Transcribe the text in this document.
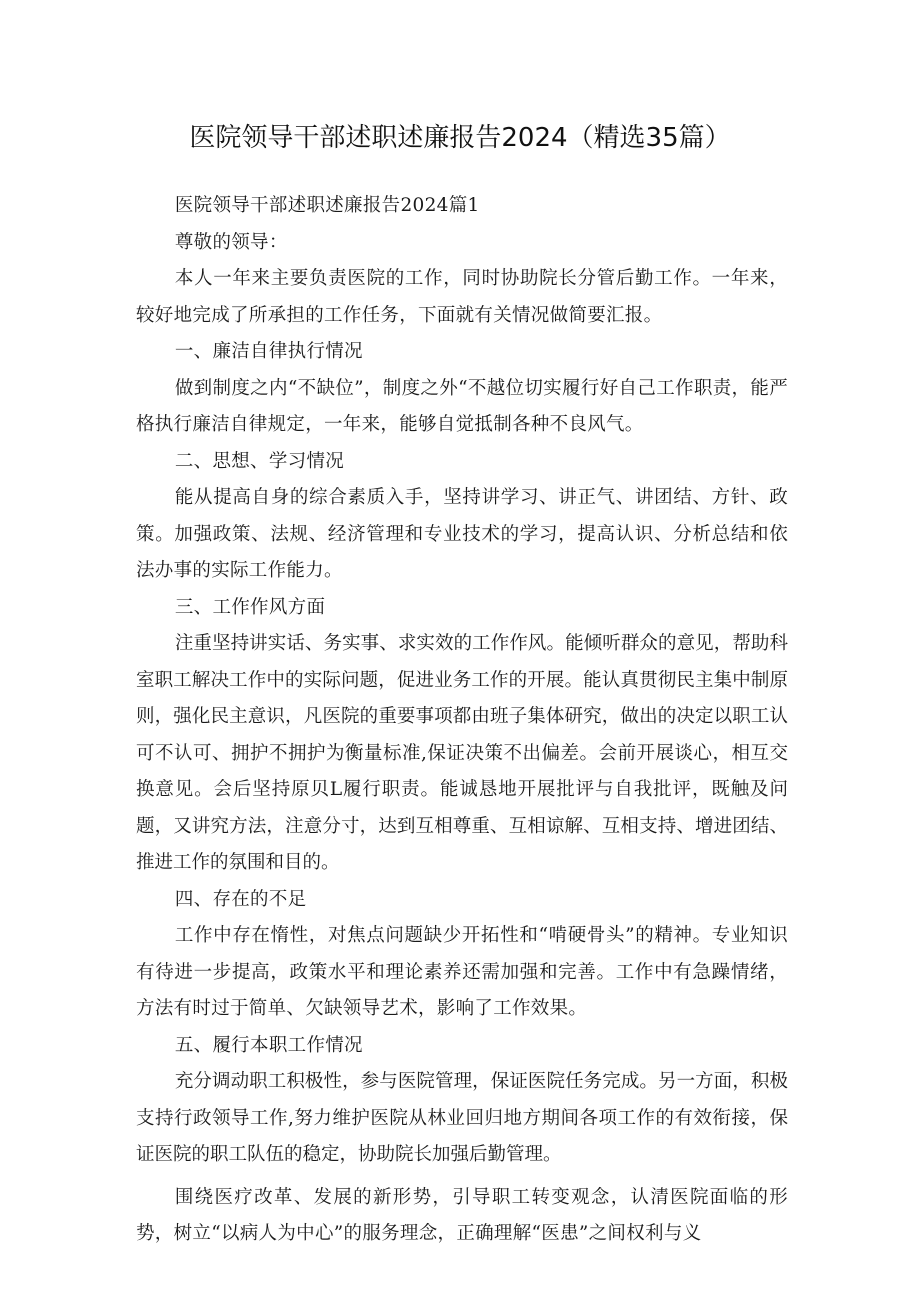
医院领导干部述职述廉报告2024（精选35篇）

医院领导干部述职述廉报告2024篇1

尊敬的领导：

本人一年来主要负责医院的工作，同时协助院长分管后勤工作。一年来，较好地完成了所承担的工作任务，下面就有关情况做简要汇报。

一、廉洁自律执行情况

做到制度之内“不缺位”，制度之外“不越位切实履行好自己工作职责，能严格执行廉洁自律规定，一年来，能够自觉抵制各种不良风气。

二、思想、学习情况

能从提高自身的综合素质入手，坚持讲学习、讲正气、讲团结、方针、政策。加强政策、法规、经济管理和专业技术的学习，提高认识、分析总结和依法办事的实际工作能力。

三、工作作风方面

注重坚持讲实话、务实事、求实效的工作作风。能倾听群众的意见，帮助科室职工解决工作中的实际问题，促进业务工作的开展。能认真贯彻民主集中制原则，强化民主意识，凡医院的重要事项都由班子集体研究，做出的决定以职工认可不认可、拥护不拥护为衡量标准,保证决策不出偏差。会前开展谈心，相互交换意见。会后坚持原贝L履行职责。能诚恳地开展批评与自我批评，既触及问题，又讲究方法，注意分寸，达到互相尊重、互相谅解、互相支持、增进团结、推进工作的氛围和目的。

四、存在的不足

工作中存在惰性，对焦点问题缺少开拓性和“啃硬骨头”的精神。专业知识有待进一步提高，政策水平和理论素养还需加强和完善。工作中有急躁情绪，方法有时过于简单、欠缺领导艺术，影响了工作效果。

五、履行本职工作情况

充分调动职工积极性，参与医院管理，保证医院任务完成。另一方面，积极支持行政领导工作,努力维护医院从林业回归地方期间各项工作的有效衔接，保证医院的职工队伍的稳定，协助院长加强后勤管理。

围绕医疗改革、发展的新形势，引导职工转变观念，认清医院面临的形势，树立“以病人为中心”的服务理念，正确理解“医患”之间权利与义
